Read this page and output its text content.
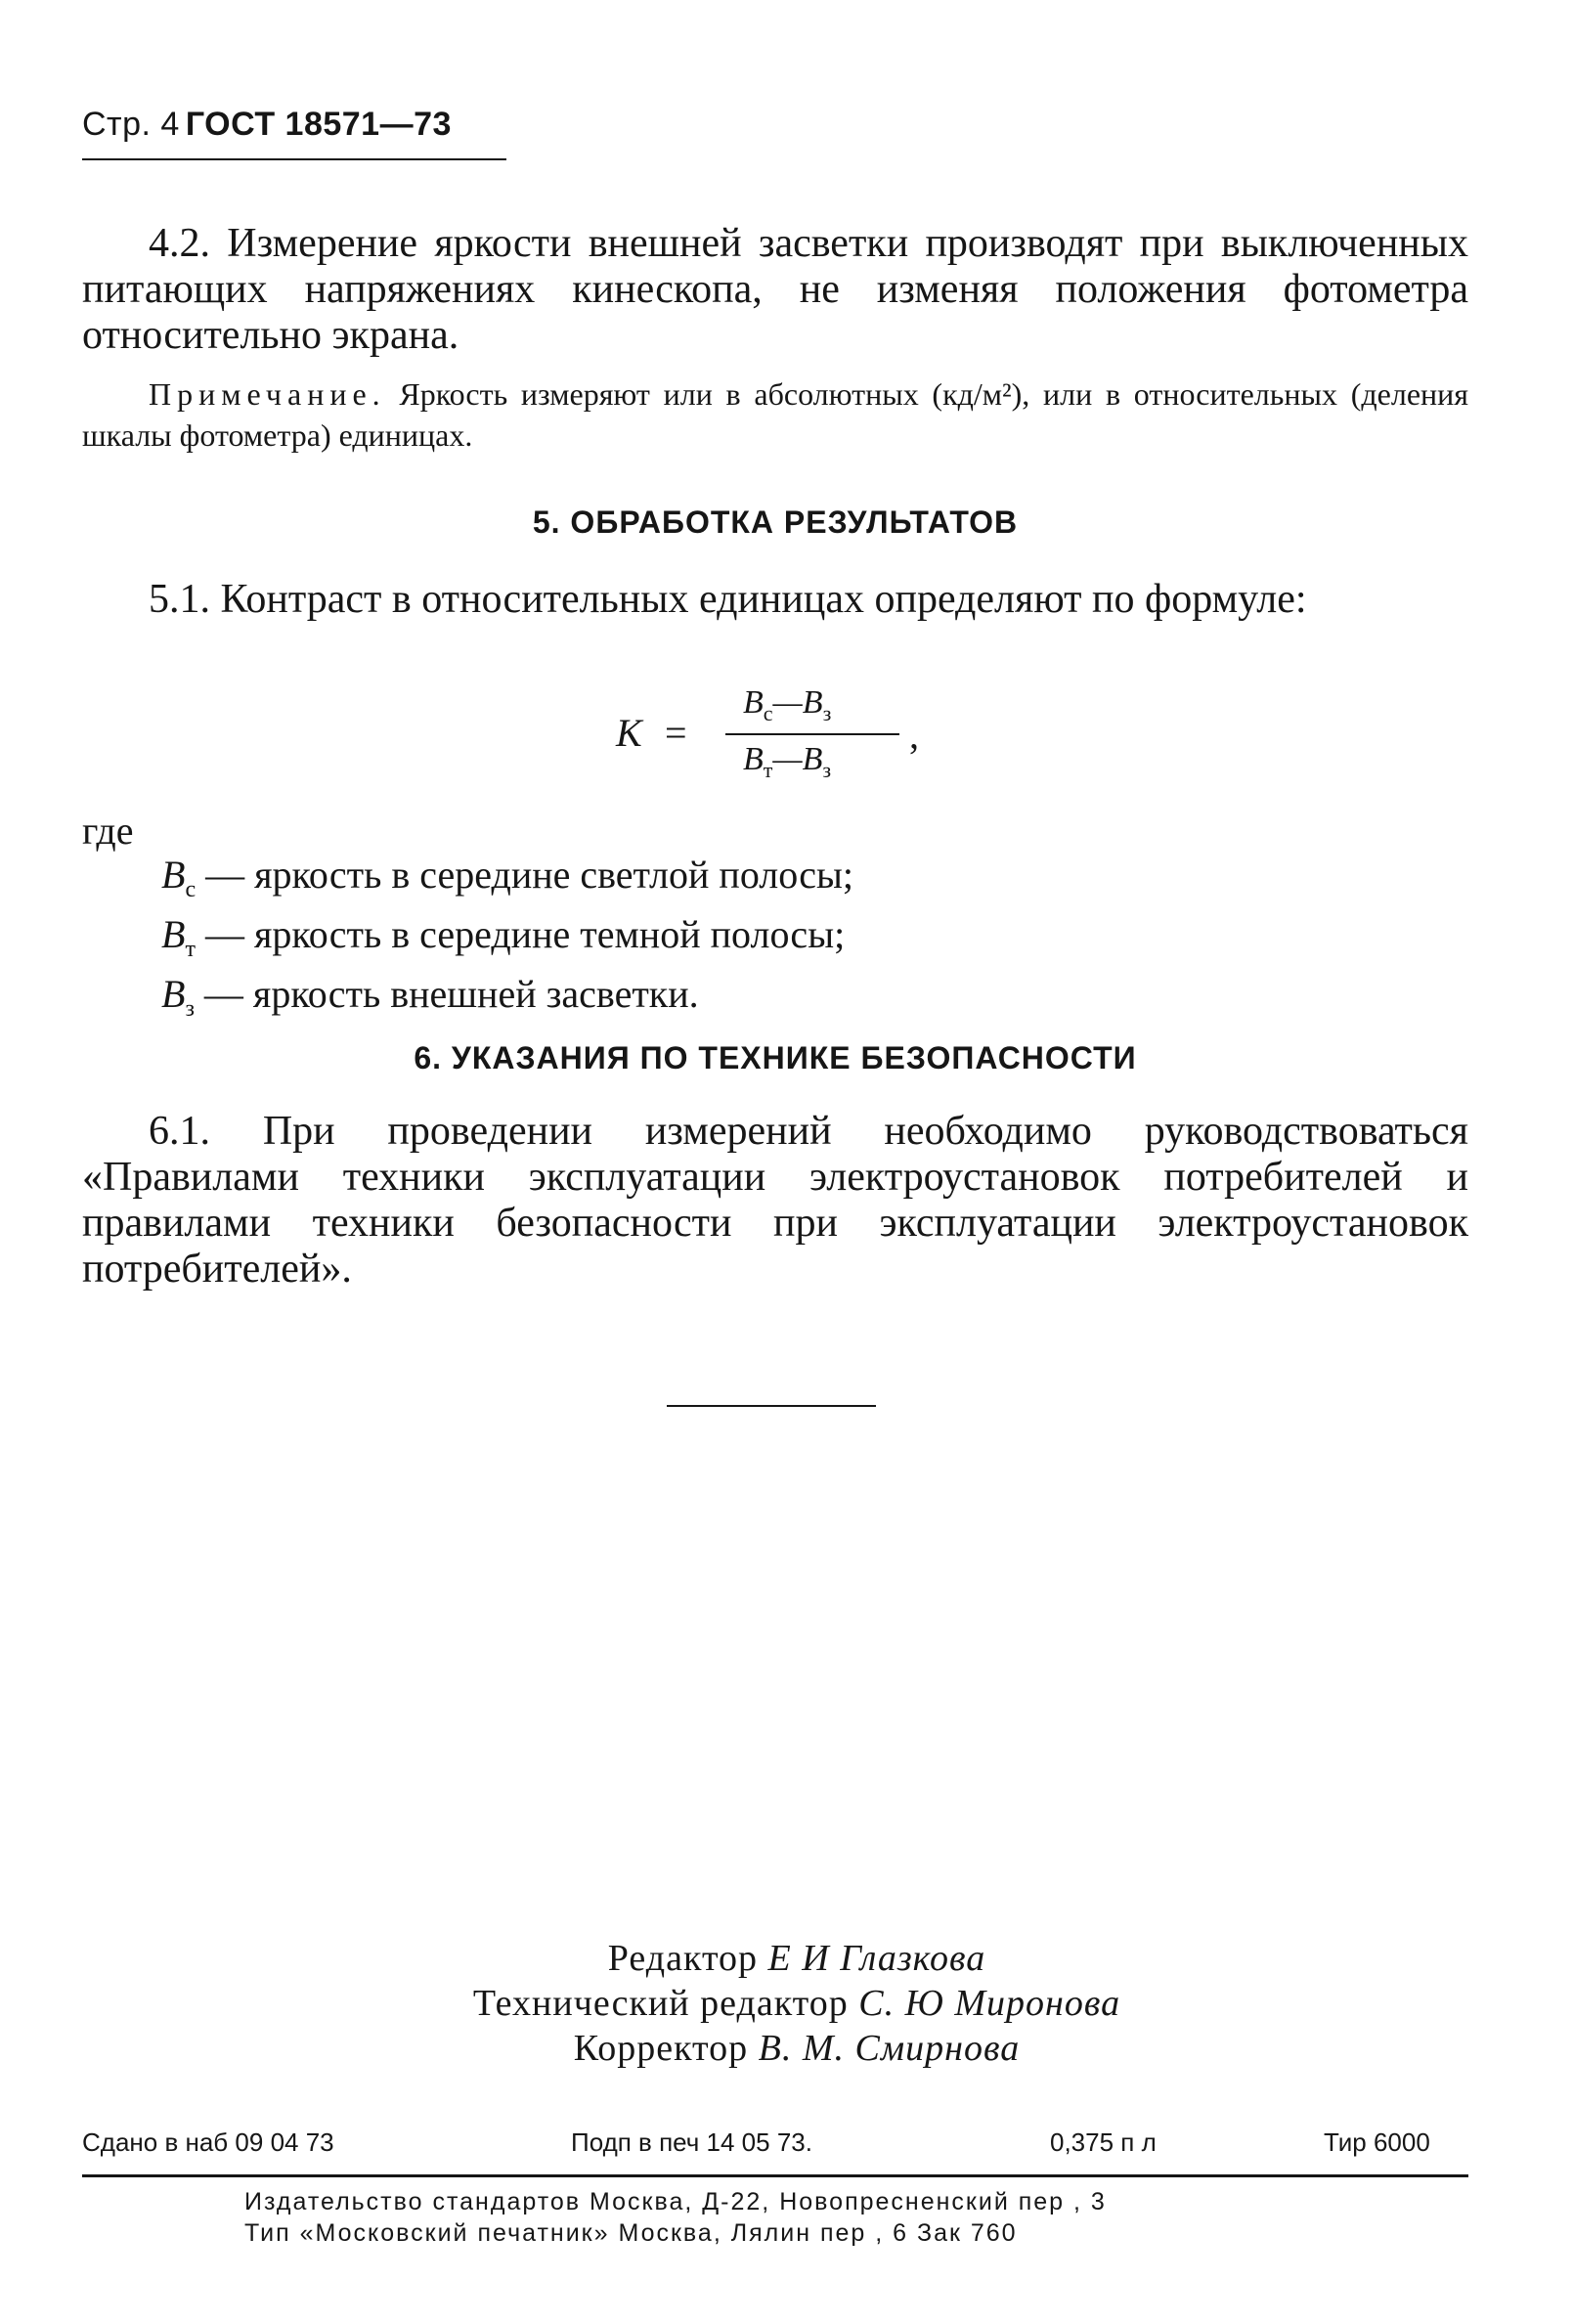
Стр. 4 ГОСТ 18571—73
4.2. Измерение яркости внешней засветки производят при выключенных питающих напряжениях кинескопа, не изменяя положения фотометра относительно экрана.
Примечание. Яркость измеряют или в абсолютных (кд/м²), или в относительных (деления шкалы фотометра) единицах.
5. ОБРАБОТКА РЕЗУЛЬТАТОВ
5.1. Контраст в относительных единицах определяют по формуле:
K =
$B_с—B_з$
$B_т—B_з$
,
где
$B_с$ — яркость в середине светлой полосы;
$B_т$ — яркость в середине темной полосы;
$B_з$ — яркость внешней засветки.
6. УКАЗАНИЯ ПО ТЕХНИКЕ БЕЗОПАСНОСТИ
6.1. При проведении измерений необходимо руководствоваться «Правилами техники эксплуатации электроустановок потребителей и правилами техники безопасности при эксплуатации электроустановок потребителей».
Редактор Е И Глазкова
Технический редактор С. Ю Миронова
Корректор В. М. Смирнова
Сдано в наб 09 04 73	Подп в печ 14 05 73.	0,375 п л	Тир 6000
Издательство стандартов Москва, Д-22, Новопресненский пер , 3
Тип «Московский печатник» Москва, Лялин пер , 6 Зак 760
